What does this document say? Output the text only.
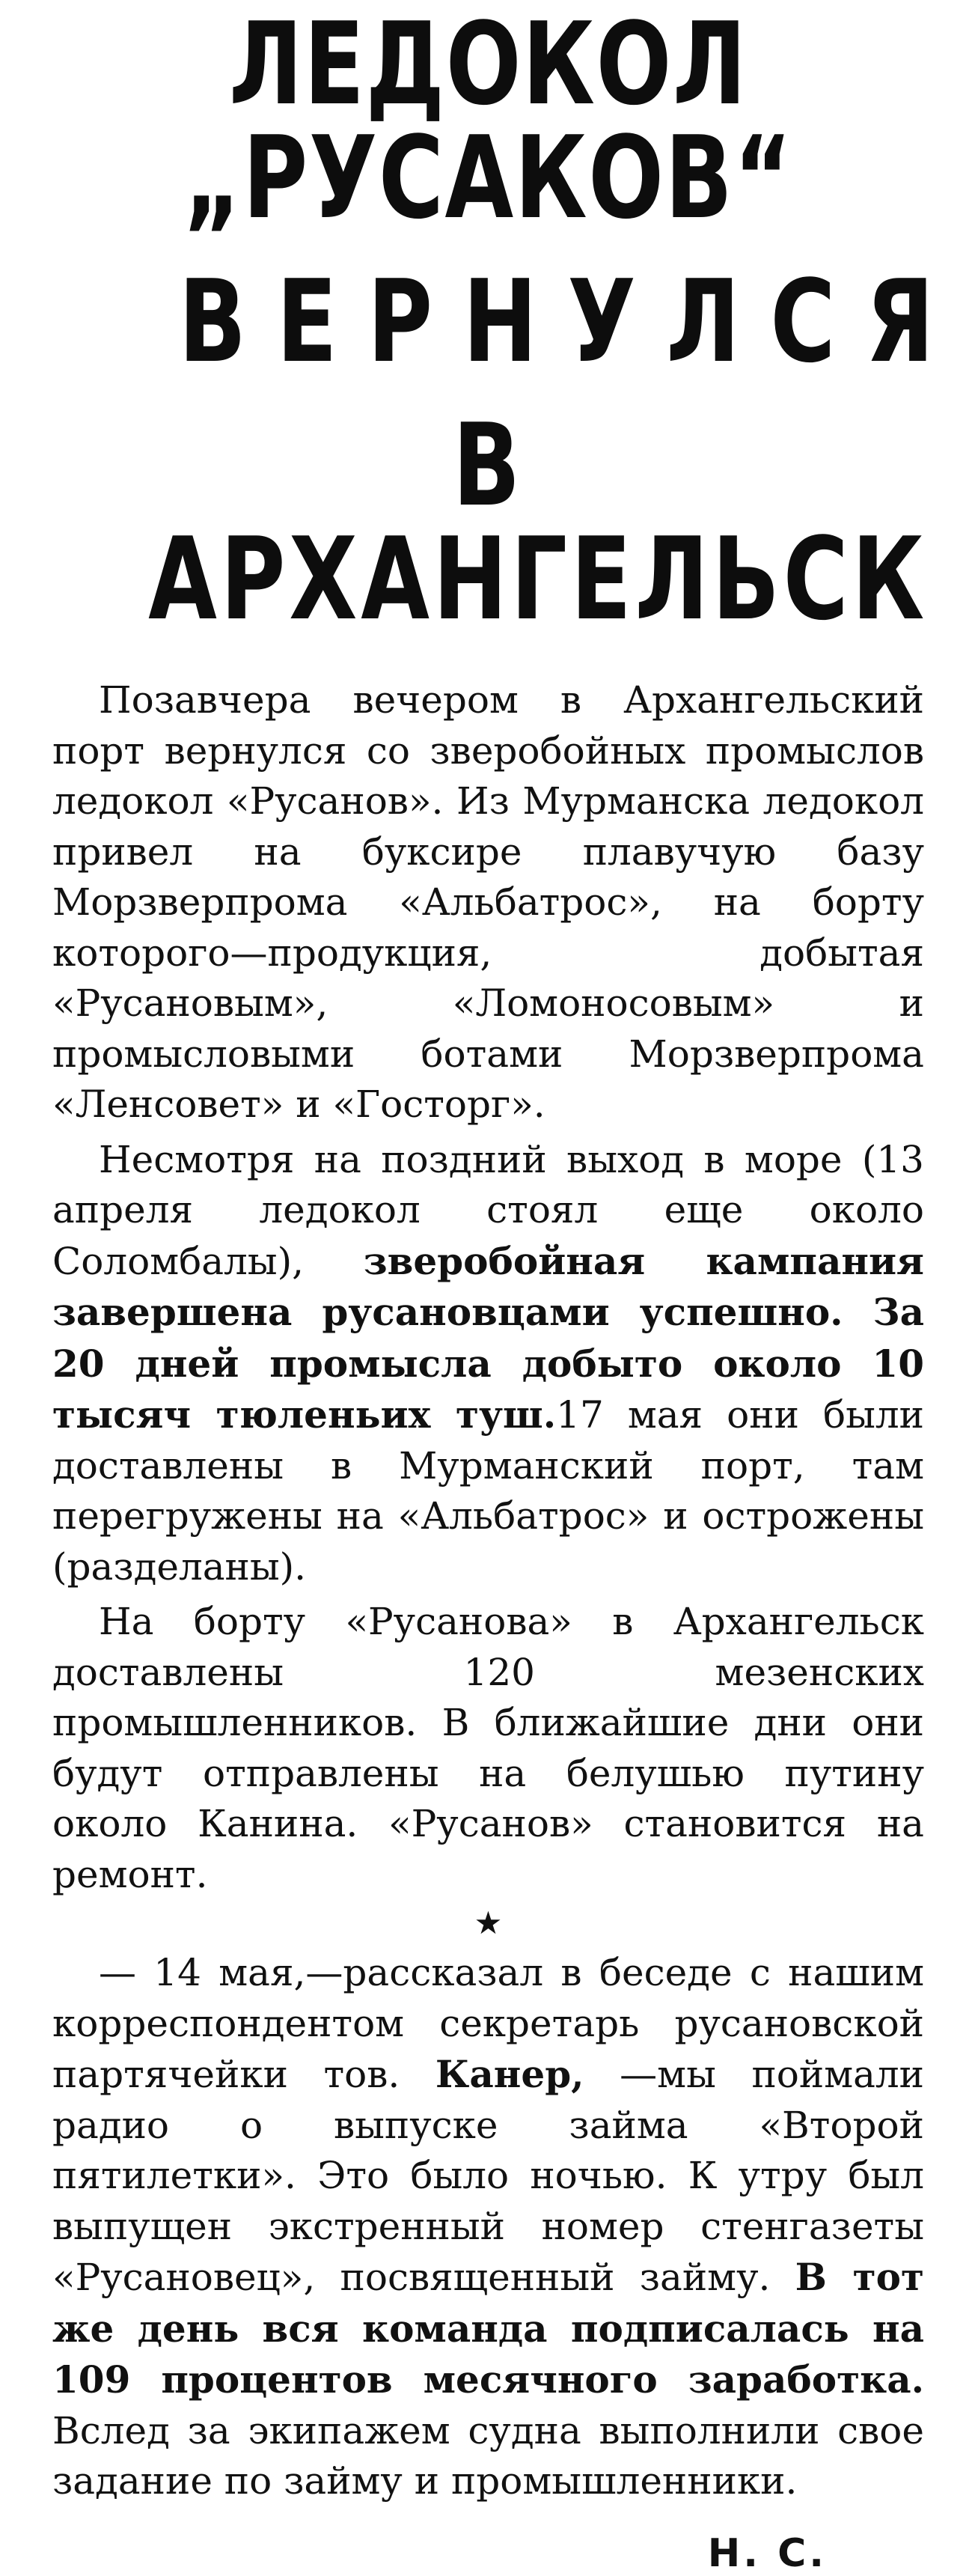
ЛЕДОКОЛ „РУСАКОВ“
ВЕРНУЛСЯ
В АРХАНГЕЛЬСК

Позавчера вечером в Архангельский порт вернулся со зверобойных промыслов ледокол «Русанов». Из Мурманска ледокол привел на буксире плавучую базу Морзверпрома «Альбатрос», на борту которого—продукция, добытая «Русановым», «Ломоносовым» и промысловыми ботами Морзверпрома «Ленсовет» и «Госторг».

Несмотря на поздний выход в море (13 апреля ледокол стоял еще около Соломбалы), зверобойная кампания завершена русановцами успешно. За 20 дней промысла добыто около 10 тысяч тюленьих туш.17 мая они были доставлены в Мурманский порт, там перегружены на «Альбатрос» и острожены (разделаны).

На борту «Русанова» в Архангельск доставлены 120 мезенских промышленников. В ближайшие дни они будут отправлены на белушью путину около Канина. «Русанов» становится на ремонт.

★

— 14 мая,—рассказал в беседе с нашим корреспондентом секретарь русановской партячейки тов. Канер, —мы поймали радио о выпуске займа «Второй пятилетки». Это было ночью. К утру был выпущен экстренный номер стенгазеты «Русановец», посвященный займу. В тот же день вся команда подписалась на 109 процентов месячного заработка. Вслед за экипажем судна выполнили свое задание по займу и промышленники.

Н. С.
